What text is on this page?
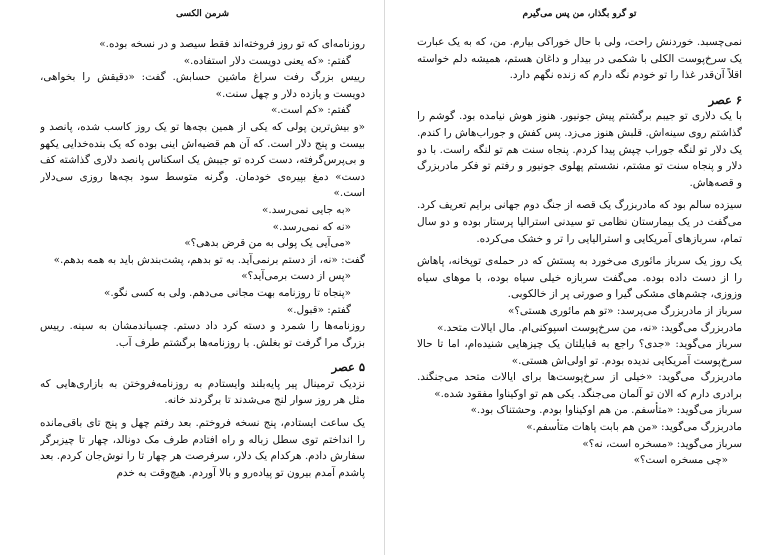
شرمن الکسی

روزنامه‌ای که تو روز فروخته‌اند فقط سیصد و در نسخه بوده.»

گفتم: «که یعنی دویست دلار استفاده.»

رییس بزرگ رفت سراغ ماشین حسابش. گفت: «دقیقش را بخواهی، دویست و یازده دلار و چهل سنت.»

گفتم: «کم است.»

«و بیش‌ترین پولی که یکی از همین بچه‌ها تو یک روز کاسب شده، پانصد و بیست و پنج دلار است. که آن هم قضیه‌اش اینی بوده که یک بنده‌خدایی یکهو و بی‌پرس‌گرفته، دست کرده تو جیبش یک اسکناس پانصد دلاری گذاشته کف دست» دمغ بپیره‌ی خودمان. وگرنه متوسط سود بچه‌ها روزی سی‌دلار است.»

«به جایی نمی‌رسد.»

«نه که نمی‌رسد.»

«می‌آیی یک پولی به من قرض بدهی؟»

گفت: «نه، از دستم برنمی‌آید. به تو بدهم، پشت‌بندش باید به همه بدهم.»

«پس از دست برمی‌آید؟»

«پنجاه تا روزنامه بهت مجانی می‌دهم. ولی به کسی نگو.»

گفتم: «قبول.»

روزنامه‌ها را شمرد و دسته کرد داد دستم. چسباندمشان به سینه. رییس بزرگ مرا گرفت تو بغلش. با روزنامه‌ها برگشتم طرف آب.

۵ عصر

نزدیک ترمینال پیر پایه‌بلند وایستادم به روزنامه‌فروختن به بازاری‌هایی که مثل هر روز سوار لنج می‌شدند تا برگردند خانه.

یک ساعت ایستادم، پنج نسخه فروختم. بعد رفتم چهل و پنج تای باقی‌مانده را انداختم توی سطل زباله و راه افتادم طرف مک دونالد، چهار تا چیزبرگر سفارش دادم. هرکدام یک دلار، سرفرصت هر چهار تا را نوش‌جان کردم. بعد پاشدم آمدم بیرون تو پیاده‌رو و بالا آوردم. هیچ‌وقت به خدم

تو گرو بگذار، من پس می‌گیرم

نمی‌چسبد. خوردنش راحت، ولی با حال خوراکی بیارم. من، که به یک عبارت یک سرخ‌پوست الکلی با شکمی در بیدار و داغان هستم، همیشه دلم خواسته اقلاً آن‌قدر غذا را تو خودم نگه دارم که زنده نگهم دارد.

۶ عصر

با یک دلاری تو جیبم برگشتم پیش جونیور. هنوز هوش نیامده بود. گوشم را گذاشتم روی سینه‌اش. قلبش هنوز می‌زد. پس کفش و جوراب‌هاش را کندم. یک دلار تو لنگه جوراب چپش پیدا کردم. پنجاه سنت هم تو لنگه راست. با دو دلار و پنجاه سنت تو مشتم، نشستم پهلوی جونیور و رفتم تو فکر مادربزرگ و قصه‌هاش.

سیزده سالم بود که مادربزرگ یک قصه از جنگ دوم جهانی برایم تعریف کرد. می‌گفت در یک بیمارستان نظامی تو سیدنی استرالیا پرستار بوده و دو سال تمام، سربازهای آمریکایی و استرالیایی را تر و خشک می‌کرده.

یک روز یک سرباز مائوری می‌خورد به پستش که در حمله‌ی توپخانه، پاهاش را از دست داده بوده. می‌گفت سرباز‌ه خیلی سیاه بوده، با موهای سیاه وزوزی، چشم‌های مشکی گیرا و صورتی پر از خالکوبی.

سرباز از مادربزرگ می‌پرسد: «تو هم مائوری هستی؟»

مادربزرگ می‌گوید: «نه، من سرخ‌پوست اسپوکنی‌ام. مال ایالات متحد.»

سرباز می‌گوید: «جدی؟ راجع به قبایلتان یک چیزهایی شنیده‌ام، اما تا حالا سرخ‌پوست آمریکایی ندیده بودم. تو اولی‌اش هستی.»

مادربزرگ می‌گوید: «خیلی از سرخ‌پوست‌ها برای ایالات متحد می‌جنگند. برادری دارم که الان تو آلمان می‌جنگد. یکی هم تو اوکیناوا مفقود شده.»

سرباز می‌گوید: «متأسفم. من هم اوکیناوا بودم. وحشتناک بود.»

مادربزرگ می‌گوید: «من هم بابت پاهات متأسفم.»

سرباز می‌گوید: «مسخره است، نه؟»

«چی مسخره است؟»
